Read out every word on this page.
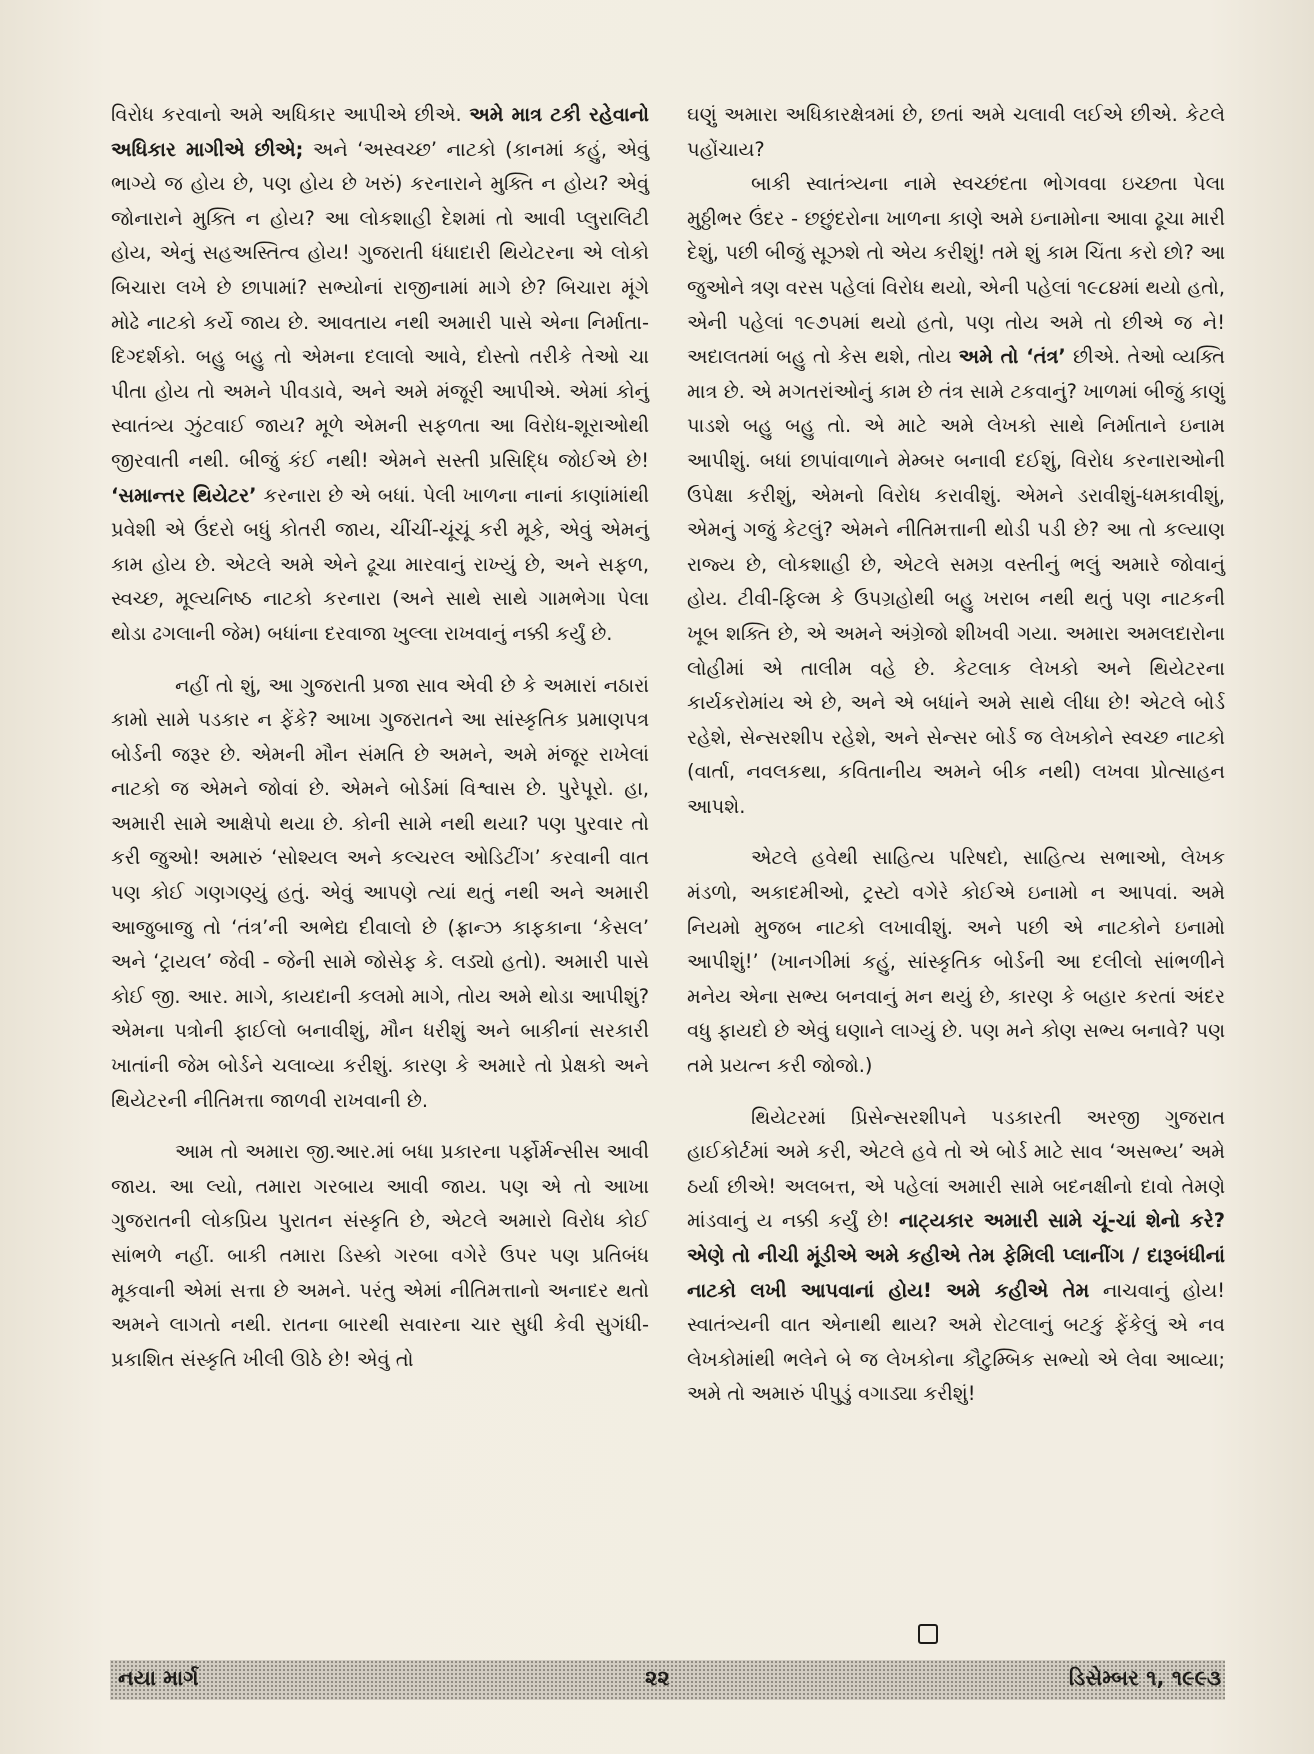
વિરોધ કરવાનો અમે અધિકાર આપીએ છીએ. અમે માત્ર ટકી રહેવાનો અધિકાર માગીએ છીએ; અને ‘અસ્વચ્છ’ નાટકો (કાનમાં કહું, એવું ભાગ્યે જ હોય છે, પણ હોય છે ખરું) કરનારાને મુક્તિ ન હોય? એવું જોનારાને મુક્તિ ન હોય? આ લોકશાહી દેશમાં તો આવી પ્લુરાલિટી હોય, એનું સહઅસ્તિત્વ હોય! ગુજરાતી ધંધાદારી થિયેટરના એ લોકો બિચારા લખે છે છાપામાં? સભ્યોનાં રાજીનામાં માગે છે? બિચારા મૂંગે મોઢે નાટકો કર્યે જાય છે. આવતાય નથી અમારી પાસે એના નિર્માતા-દિગ્દર્શકો. બહુ બહુ તો એમના દલાલો આવે, દોસ્તો તરીકે તેઓ ચા પીતા હોય તો અમને પીવડાવે, અને અમે મંજૂરી આપીએ. એમાં કોનું સ્વાતંત્ર્ય ઝુંટવાઈ જાય? મૂળે એમની સફળતા આ વિરોધ-શૂરાઓથી જીરવાતી નથી. બીજું કંઈ નથી! એમને સસ્તી પ્રસિદ્ધિ જોઈએ છે! ‘સમાન્તર થિયેટર’ કરનારા છે એ બધાં. પેલી ખાળના નાનાં કાણાંમાંથી પ્રવેશી એ ઉંદરો બધું કોતરી જાય, ચીંચીં-ચૂંચૂં કરી મૂકે, એવું એમનું કામ હોય છે. એટલે અમે એને ઢૂચા મારવાનું રાખ્યું છે, અને સફળ, સ્વચ્છ, મૂલ્યનિષ્ઠ નાટકો કરનારા (અને સાથે સાથે ગામભેગા પેલા થોડા ઢગલાની જેમ) બધાંના દરવાજા ખુલ્લા રાખવાનું નક્કી કર્યું છે.

નહીં તો શું, આ ગુજરાતી પ્રજા સાવ એવી છે કે અમારાં નઠારાં કામો સામે પડકાર ન ફેંકે? આખા ગુજરાતને આ સાંસ્કૃતિક પ્રમાણપત્ર બોર્ડની જરૂર છે. એમની મૌન સંમતિ છે અમને, અમે મંજૂર રાખેલાં નાટકો જ એમને જોવાં છે. એમને બોર્ડમાં વિશ્વાસ છે. પુરેપૂરો. હા, અમારી સામે આક્ષેપો થયા છે. કોની સામે નથી થયા? પણ પુરવાર તો કરી જુઓ! અમારું ‘સોશ્યલ અને કલ્ચરલ ઓડિટીંગ’ કરવાની વાત પણ કોઈ ગણગણ્યું હતું. એવું આપણે ત્યાં થતું નથી અને અમારી આજુબાજુ તો ‘તંત્ર’ની અભેદ્ય દીવાલો છે (ફ્રાન્ઝ કાફકાના ‘કેસલ’ અને ‘ટ્રાયલ’ જેવી - જેની સામે જોસેફ કે. લડ્યો હતો). અમારી પાસે કોઈ જી. આર. માગે, કાયદાની કલમો માગે, તોય અમે થોડા આપીશું? એમના પત્રોની ફાઈલો બનાવીશું, મૌન ધરીશું અને બાકીનાં સરકારી ખાતાંની જેમ બોર્ડને ચલાવ્યા કરીશું. કારણ કે અમારે તો પ્રેક્ષકો અને થિયેટરની નીતિમત્તા જાળવી રાખવાની છે.

આમ તો અમારા જી.આર.માં બધા પ્રકારના પર્ફોર્મન્સીસ આવી જાય. આ લ્યો, તમારા ગરબાય આવી જાય. પણ એ તો આખા ગુજરાતની લોકપ્રિય પુરાતન સંસ્કૃતિ છે, એટલે અમારો વિરોધ કોઈ સાંભળે નહીં. બાકી તમારા ડિસ્કો ગરબા વગેરે ઉપર પણ પ્રતિબંધ મૂકવાની એમાં સત્તા છે અમને. પરંતુ એમાં નીતિમત્તાનો અનાદર થતો અમને લાગતો નથી. રાતના બારથી સવારના ચાર સુધી કેવી સુગંધી-પ્રકાશિત સંસ્કૃતિ ખીલી ઊઠે છે! એવું તો

ઘણું અમારા અધિકારક્ષેત્રમાં છે, છતાં અમે ચલાવી લઈએ છીએ. કેટલે પહોંચાય?

બાકી સ્વાતંત્ર્યના નામે સ્વચ્છંદતા ભોગવવા ઇચ્છતા પેલા મુઠ્ઠીભર ઉંદર - છછુંદરોના ખાળના કાણે અમે ઇનામોના આવા ઢૂચા મારી દેશું, પછી બીજું સૂઝશે તો એય કરીશું! તમે શું કામ ચિંતા કરો છો? આ જુઓને ત્રણ વરસ પહેલાં વિરોધ થયો, એની પહેલાં ૧૯૮૪માં થયો હતો, એની પહેલાં ૧૯૭૫માં થયો હતો, પણ તોય અમે તો છીએ જ ને! અદાલતમાં બહુ તો કેસ થશે, તોય અમે તો ‘તંત્ર’ છીએ. તેઓ વ્યક્તિ માત્ર છે. એ મગતરાંઓનું કામ છે તંત્ર સામે ટકવાનું? ખાળમાં બીજું કાણું પાડશે બહુ બહુ તો. એ માટે અમે લેખકો સાથે નિર્માતાને ઇનામ આપીશું. બધાં છાપાંવાળાને મેમ્બર બનાવી દઈશું, વિરોધ કરનારાઓની ઉપેક્ષા કરીશું, એમનો વિરોધ કરાવીશું. એમને ડરાવીશું-ધમકાવીશું, એમનું ગજું કેટલું? એમને નીતિમત્તાની થોડી પડી છે? આ તો કલ્યાણ રાજ્ય છે, લોકશાહી છે, એટલે સમગ્ર વસ્તીનું ભલું અમારે જોવાનું હોય. ટીવી-ફિલ્મ કે ઉપગ્રહોથી બહુ ખરાબ નથી થતું પણ નાટકની ખૂબ શક્તિ છે, એ અમને અંગ્રેજો શીખવી ગયા. અમારા અમલદારોના લોહીમાં એ તાલીમ વહે છે. કેટલાક લેખકો અને થિયેટરના કાર્યકરોમાંય એ છે, અને એ બધાંને અમે સાથે લીધા છે! એટલે બોર્ડ રહેશે, સેન્સરશીપ રહેશે, અને સેન્સર બોર્ડ જ લેખકોને સ્વચ્છ નાટકો (વાર્તા, નવલકથા, કવિતાનીય અમને બીક નથી) લખવા પ્રોત્સાહન આપશે.

એટલે હવેથી સાહિત્ય પરિષદો, સાહિત્ય સભાઓ, લેખક મંડળો, અકાદમીઓ, ટ્રસ્ટો વગેરે કોઈએ ઇનામો ન આપવાં. અમે નિયમો મુજબ નાટકો લખાવીશું. અને પછી એ નાટકોને ઇનામો આપીશું!’ (ખાનગીમાં કહું, સાંસ્કૃતિક બોર્ડની આ દલીલો સાંભળીને મનેય એના સભ્ય બનવાનું મન થયું છે, કારણ કે બહાર કરતાં અંદર વધુ ફાયદો છે એવું ઘણાને લાગ્યું છે. પણ મને કોણ સભ્ય બનાવે? પણ તમે પ્રયત્ન કરી જોજો.)

થિયેટરમાં પ્રિસેન્સરશીપને પડકારતી અરજી ગુજરાત હાઈકોર્ટમાં અમે કરી, એટલે હવે તો એ બોર્ડ માટે સાવ ‘અસભ્ય’ અમે ઠર્યા છીએ! અલબત્ત, એ પહેલાં અમારી સામે બદનક્ષીનો દાવો તેમણે માંડવાનું ય નક્કી કર્યું છે! નાટ્યકાર અમારી સામે ચૂં-ચાં શેનો કરે? એણે તો નીચી મૂંડીએ અમે કહીએ તેમ ફેમિલી પ્લાનીંગ / દારૂબંધીનાં નાટકો લખી આપવાનાં હોય! અમે કહીએ તેમ નાચવાનું હોય! સ્વાતંત્ર્યની વાત એનાથી થાય? અમે રોટલાનું બટકું ફેંકેલું એ નવ લેખકોમાંથી ભલેને બે જ લેખકોના કૌટુમ્બિક સભ્યો એ લેવા આવ્યા; અમે તો અમારું પીપુડું વગાડ્યા કરીશું!

નયા માર્ગ	૨૨	ડિસેમ્બર ૧, ૧૯૯૩
